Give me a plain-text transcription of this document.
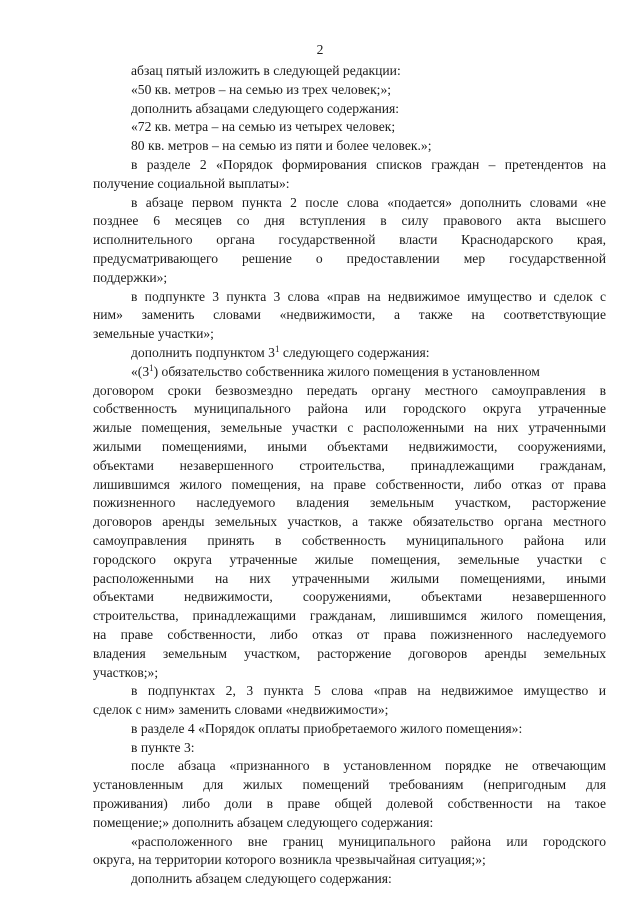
2
абзац пятый изложить в следующей редакции:
«50 кв. метров – на семью из трех человек;»;
дополнить абзацами следующего содержания:
«72 кв. метра – на семью из четырех человек;
80 кв. метров – на семью из пяти и более человек.»;
в разделе 2 «Порядок формирования списков граждан – претендентов на
получение социальной выплаты»:
в абзаце первом пункта 2 после слова «подается» дополнить словами «не
позднее 6 месяцев со дня вступления в силу правового акта высшего
исполнительного органа государственной власти Краснодарского края,
предусматривающего решение о предоставлении мер государственной
поддержки»;
в подпункте 3 пункта 3 слова «прав на недвижимое имущество и сделок с
ним» заменить словами «недвижимости, а также на соответствующие
земельные участки»;
дополнить подпунктом $3^1$ следующего содержания:
«$(3^1)$ обязательство собственника жилого помещения в установленном
договором сроки безвозмездно передать органу местного самоуправления в
собственность муниципального района или городского округа утраченные
жилые помещения, земельные участки с расположенными на них утраченными
жилыми помещениями, иными объектами недвижимости, сооружениями,
объектами незавершенного строительства, принадлежащими гражданам,
лишившимся жилого помещения, на праве собственности, либо отказ от права
пожизненного наследуемого владения земельным участком, расторжение
договоров аренды земельных участков, а также обязательство органа местного
самоуправления принять в собственность муниципального района или
городского округа утраченные жилые помещения, земельные участки с
расположенными на них утраченными жилыми помещениями, иными
объектами недвижимости, сооружениями, объектами незавершенного
строительства, принадлежащими гражданам, лишившимся жилого помещения,
на праве собственности, либо отказ от права пожизненного наследуемого
владения земельным участком, расторжение договоров аренды земельных
участков;»;
в подпунктах 2, 3 пункта 5 слова «прав на недвижимое имущество и
сделок с ним» заменить словами «недвижимости»;
в разделе 4 «Порядок оплаты приобретаемого жилого помещения»:
в пункте 3:
после абзаца «признанного в установленном порядке не отвечающим
установленным для жилых помещений требованиям (непригодным для
проживания) либо доли в праве общей долевой собственности на такое
помещение;» дополнить абзацем следующего содержания:
«расположенного вне границ муниципального района или городского
округа, на территории которого возникла чрезвычайная ситуация;»;
дополнить абзацем следующего содержания:
